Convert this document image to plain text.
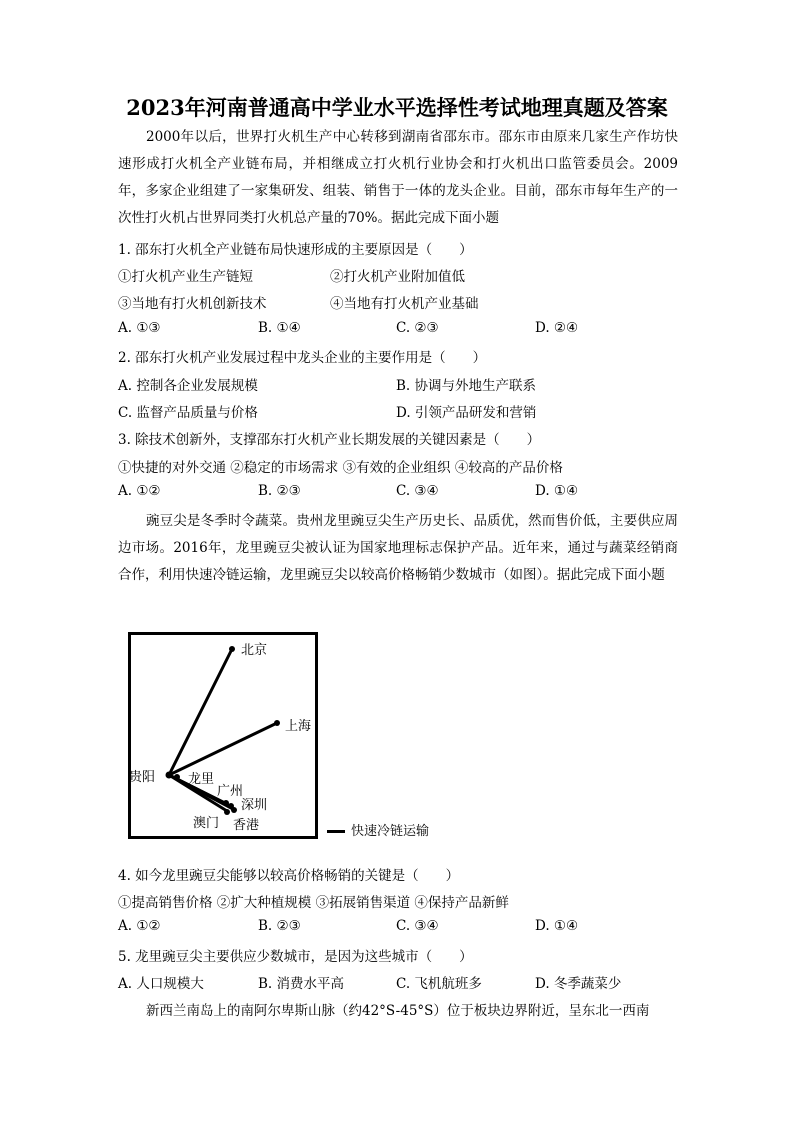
2023年河南普通高中学业水平选择性考试地理真题及答案
2000年以后，世界打火机生产中心转移到湖南省邵东市。邵东市由原来几家生产作坊快速形成打火机全产业链布局，并相继成立打火机行业协会和打火机出口监管委员会。2009年，多家企业组建了一家集研发、组装、销售于一体的龙头企业。目前，邵东市每年生产的一次性打火机占世界同类打火机总产量的70%。据此完成下面小题
1. 邵东打火机全产业链布局快速形成的主要原因是（　　）
①打火机产业生产链短	②打火机产业附加值低
③当地有打火机创新技术	④当地有打火机产业基础
A. ①③	B. ①④	C. ②③	D. ②④
2. 邵东打火机产业发展过程中龙头企业的主要作用是（　　）
A. 控制各企业发展规模	B. 协调与外地生产联系
C. 监督产品质量与价格	D. 引领产品研发和营销
3. 除技术创新外，支撑邵东打火机产业长期发展的关键因素是（　　）
①快捷的对外交通 ②稳定的市场需求 ③有效的企业组织 ④较高的产品价格
A. ①②	B. ②③	C. ③④	D. ①④
豌豆尖是冬季时令蔬菜。贵州龙里豌豆尖生产历史长、品质优，然而售价低，主要供应周边市场。2016年，龙里豌豆尖被认证为国家地理标志保护产品。近年来，通过与蔬菜经销商合作，利用快速冷链运输，龙里豌豆尖以较高价格畅销少数城市（如图）。据此完成下面小题
北京
上海
贵阳	龙里
广州
深圳
澳门 香港	快速冷链运输
4. 如今龙里豌豆尖能够以较高价格畅销的关键是（　　）
①提高销售价格 ②扩大种植规模 ③拓展销售渠道 ④保持产品新鲜
A. ①②	B. ②③	C. ③④	D. ①④
5. 龙里豌豆尖主要供应少数城市，是因为这些城市（　　）
A. 人口规模大	B. 消费水平高	C. 飞机航班多	D. 冬季蔬菜少
新西兰南岛上的南阿尔卑斯山脉（约42°S-45°S）位于板块边界附近，呈东北一西南
